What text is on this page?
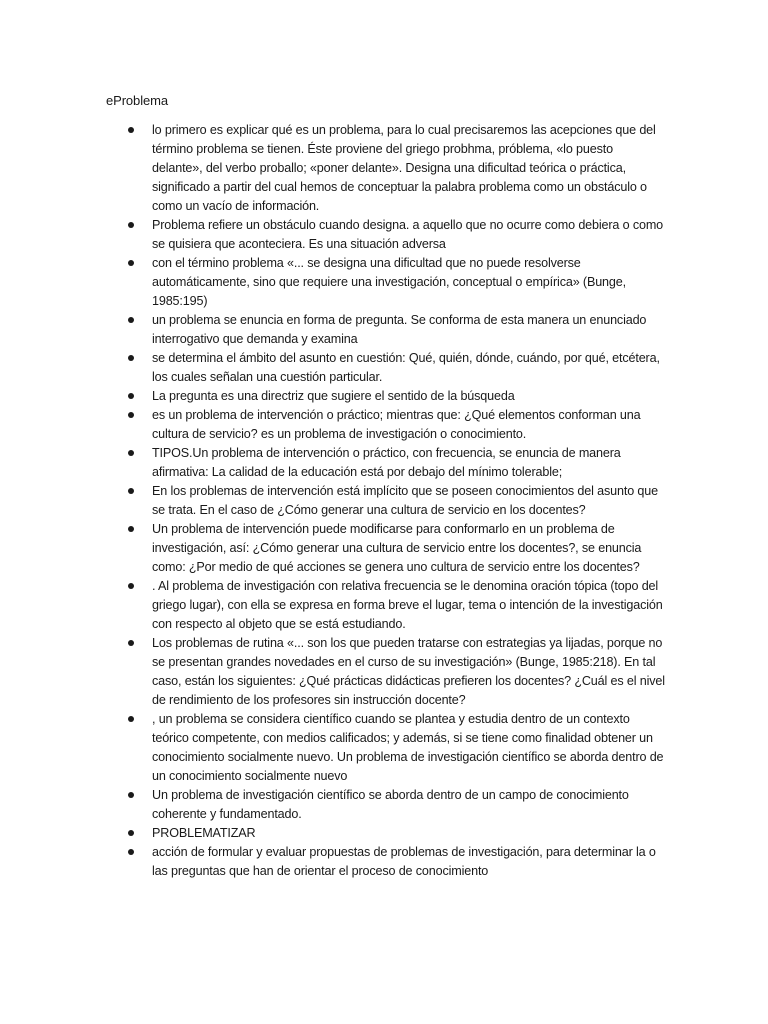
eProblema
lo primero es explicar qué es un problema, para lo cual precisaremos las acepciones que del término problema se tienen. Éste proviene del griego probhma, próblema, «lo puesto delante», del verbo proballo; «poner delante». Designa una dificultad teórica o práctica, significado a partir del cual hemos de conceptuar la palabra problema como un obstáculo o como un vacío de información.
Problema refiere un obstáculo cuando designa. a aquello que no ocurre como debiera o como se quisiera que aconteciera. Es una situación adversa
con el término problema «... se designa una dificultad que no puede resolverse automáticamente, sino que requiere una investigación, conceptual o empírica» (Bunge, 1985:195)
un problema se enuncia en forma de pregunta. Se conforma de esta manera un enunciado interrogativo que demanda y examina
se determina el ámbito del asunto en cuestión: Qué, quién, dónde, cuándo, por qué, etcétera, los cuales señalan una cuestión particular.
La pregunta es una directriz que sugiere el sentido de la búsqueda
es un problema de intervención o práctico; mientras que: ¿Qué elementos conforman una cultura de servicio? es un problema de investigación o conocimiento.
TIPOS.Un problema de intervención o práctico, con frecuencia, se enuncia de manera afirmativa: La calidad de la educación está por debajo del mínimo tolerable;
En los problemas de intervención está implícito que se poseen conocimientos del asunto que se trata. En el caso de ¿Cómo generar una cultura de servicio en los docentes?
Un problema de intervención puede modificarse para conformarlo en un problema de investigación, así: ¿Cómo generar una cultura de servicio entre los docentes?, se enuncia como: ¿Por medio de qué acciones se genera uno cultura de servicio entre los docentes?
. Al problema de investigación con relativa frecuencia se le denomina oración tópica (topo del griego lugar), con ella se expresa en forma breve el lugar, tema o intención de la investigación con respecto al objeto que se está estudiando.
Los problemas de rutina «... son los que pueden tratarse con estrategias ya lijadas, porque no se presentan grandes novedades en el curso de su investigación» (Bunge, 1985:218). En tal caso, están los siguientes: ¿Qué prácticas didácticas prefieren los docentes? ¿Cuál es el nivel de rendimiento de los profesores sin instrucción docente?
, un problema se considera científico cuando se plantea y estudia dentro de un contexto teórico competente, con medios calificados; y además, si se tiene como finalidad obtener un conocimiento socialmente nuevo. Un problema de investigación científico se aborda dentro de un conocimiento socialmente nuevo
Un problema de investigación científico se aborda dentro de un campo de conocimiento coherente y fundamentado.
PROBLEMATIZAR
acción de formular y evaluar propuestas de problemas de investigación, para determinar la o las preguntas que han de orientar el proceso de conocimiento
